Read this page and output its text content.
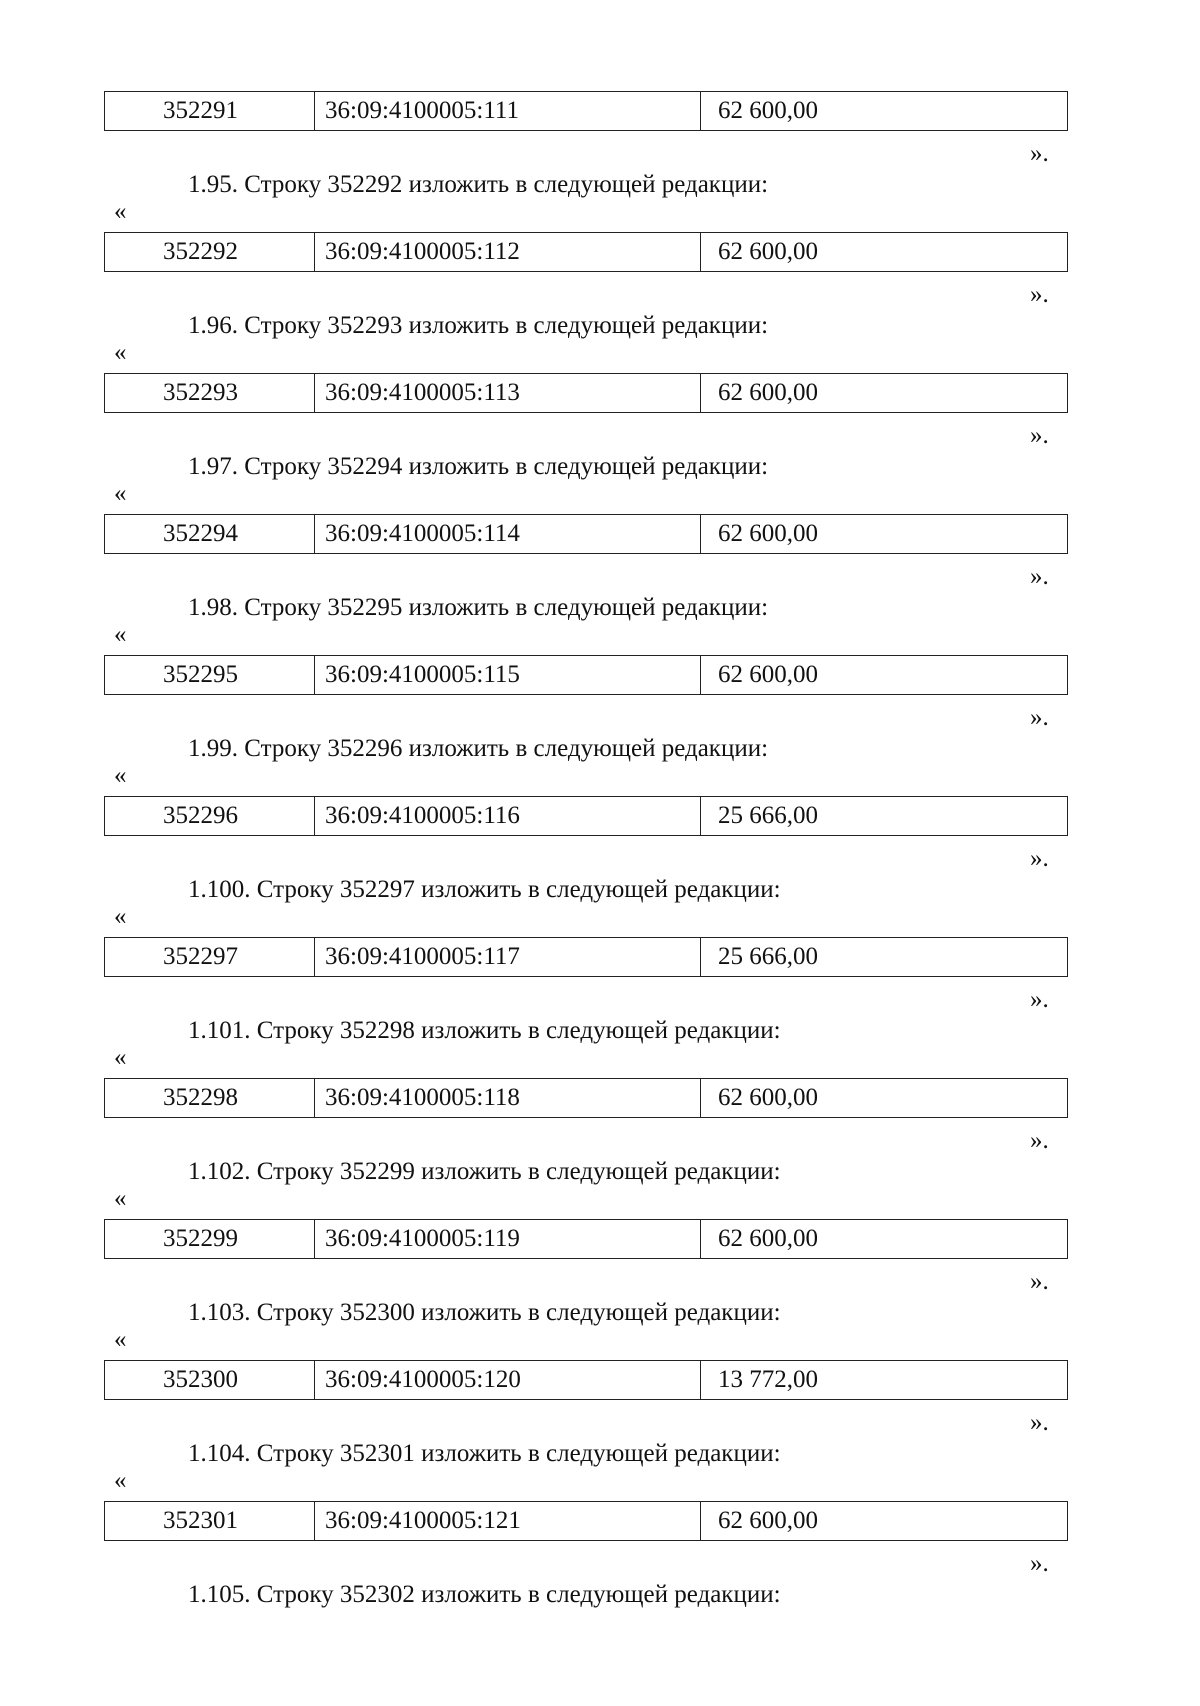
352291	36:09:4100005:111	62 600,00
».
1.95. Строку 352292 изложить в следующей редакции:
«
352292	36:09:4100005:112	62 600,00
».
1.96. Строку 352293 изложить в следующей редакции:
«
352293	36:09:4100005:113	62 600,00
».
1.97. Строку 352294 изложить в следующей редакции:
«
352294	36:09:4100005:114	62 600,00
».
1.98. Строку 352295 изложить в следующей редакции:
«
352295	36:09:4100005:115	62 600,00
».
1.99. Строку 352296 изложить в следующей редакции:
«
352296	36:09:4100005:116	25 666,00
».
1.100. Строку 352297 изложить в следующей редакции:
«
352297	36:09:4100005:117	25 666,00
».
1.101. Строку 352298 изложить в следующей редакции:
«
352298	36:09:4100005:118	62 600,00
».
1.102. Строку 352299 изложить в следующей редакции:
«
352299	36:09:4100005:119	62 600,00
».
1.103. Строку 352300 изложить в следующей редакции:
«
352300	36:09:4100005:120	13 772,00
».
1.104. Строку 352301 изложить в следующей редакции:
«
352301	36:09:4100005:121	62 600,00
».
1.105. Строку 352302 изложить в следующей редакции:
